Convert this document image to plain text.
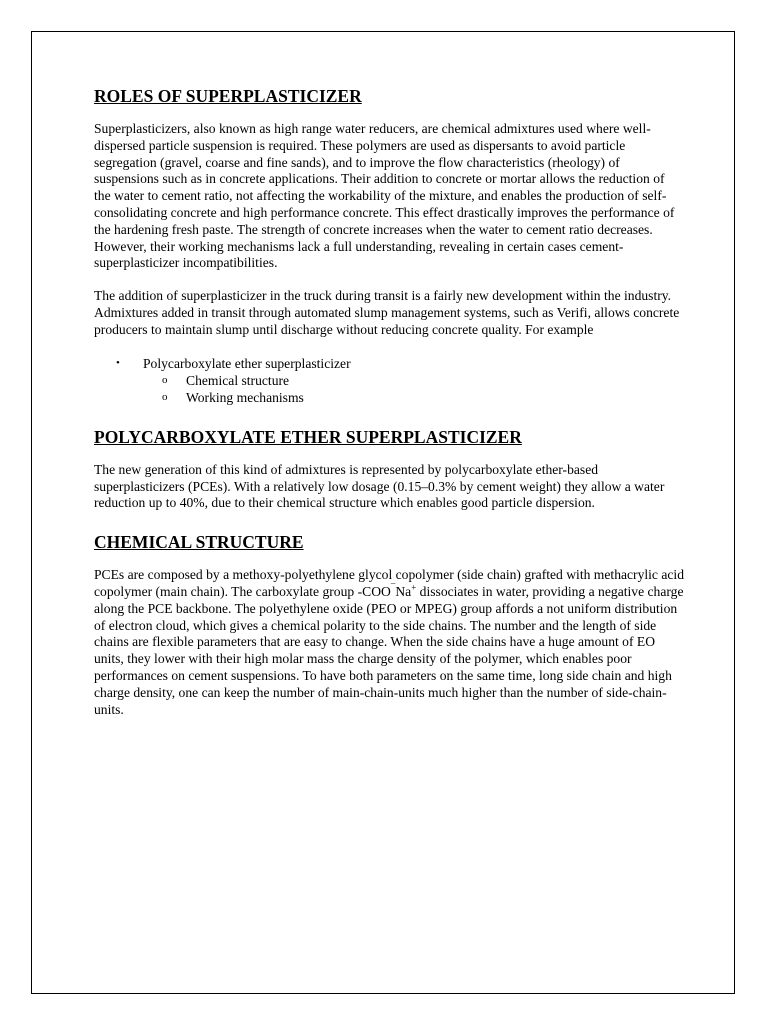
ROLES OF SUPERPLASTICIZER

Superplasticizers, also known as high range water reducers, are chemical admixtures used where well-dispersed particle suspension is required. These polymers are used as dispersants to avoid particle segregation (gravel, coarse and fine sands), and to improve the flow characteristics (rheology) of suspensions such as in concrete applications. Their addition to concrete or mortar allows the reduction of the water to cement ratio, not affecting the workability of the mixture, and enables the production of self-consolidating concrete and high performance concrete. This effect drastically improves the performance of the hardening fresh paste. The strength of concrete increases when the water to cement ratio decreases. However, their working mechanisms lack a full understanding, revealing in certain cases cement-superplasticizer incompatibilities.

The addition of superplasticizer in the truck during transit is a fairly new development within the industry. Admixtures added in transit through automated slump management systems, such as Verifi, allows concrete producers to maintain slump until discharge without reducing concrete quality. For example

• Polycarboxylate ether superplasticizer
o Chemical structure
o Working mechanisms
POLYCARBOXYLATE ETHER SUPERPLASTICIZER

The new generation of this kind of admixtures is represented by polycarboxylate ether-based superplasticizers (PCEs). With a relatively low dosage (0.15–0.3% by cement weight) they allow a water reduction up to 40%, due to their chemical structure which enables good particle dispersion.

CHEMICAL STRUCTURE

PCEs are composed by a methoxy-polyethylene glycol copolymer (side chain) grafted with methacrylic acid copolymer (main chain). The carboxylate group -COO¯Na+ dissociates in water, providing a negative charge along the PCE backbone. The polyethylene oxide (PEO or MPEG) group affords a not uniform distribution of electron cloud, which gives a chemical polarity to the side chains. The number and the length of side chains are flexible parameters that are easy to change. When the side chains have a huge amount of EO units, they lower with their high molar mass the charge density of the polymer, which enables poor performances on cement suspensions. To have both parameters on the same time, long side chain and high charge density, one can keep the number of main-chain-units much higher than the number of side-chain-units.
